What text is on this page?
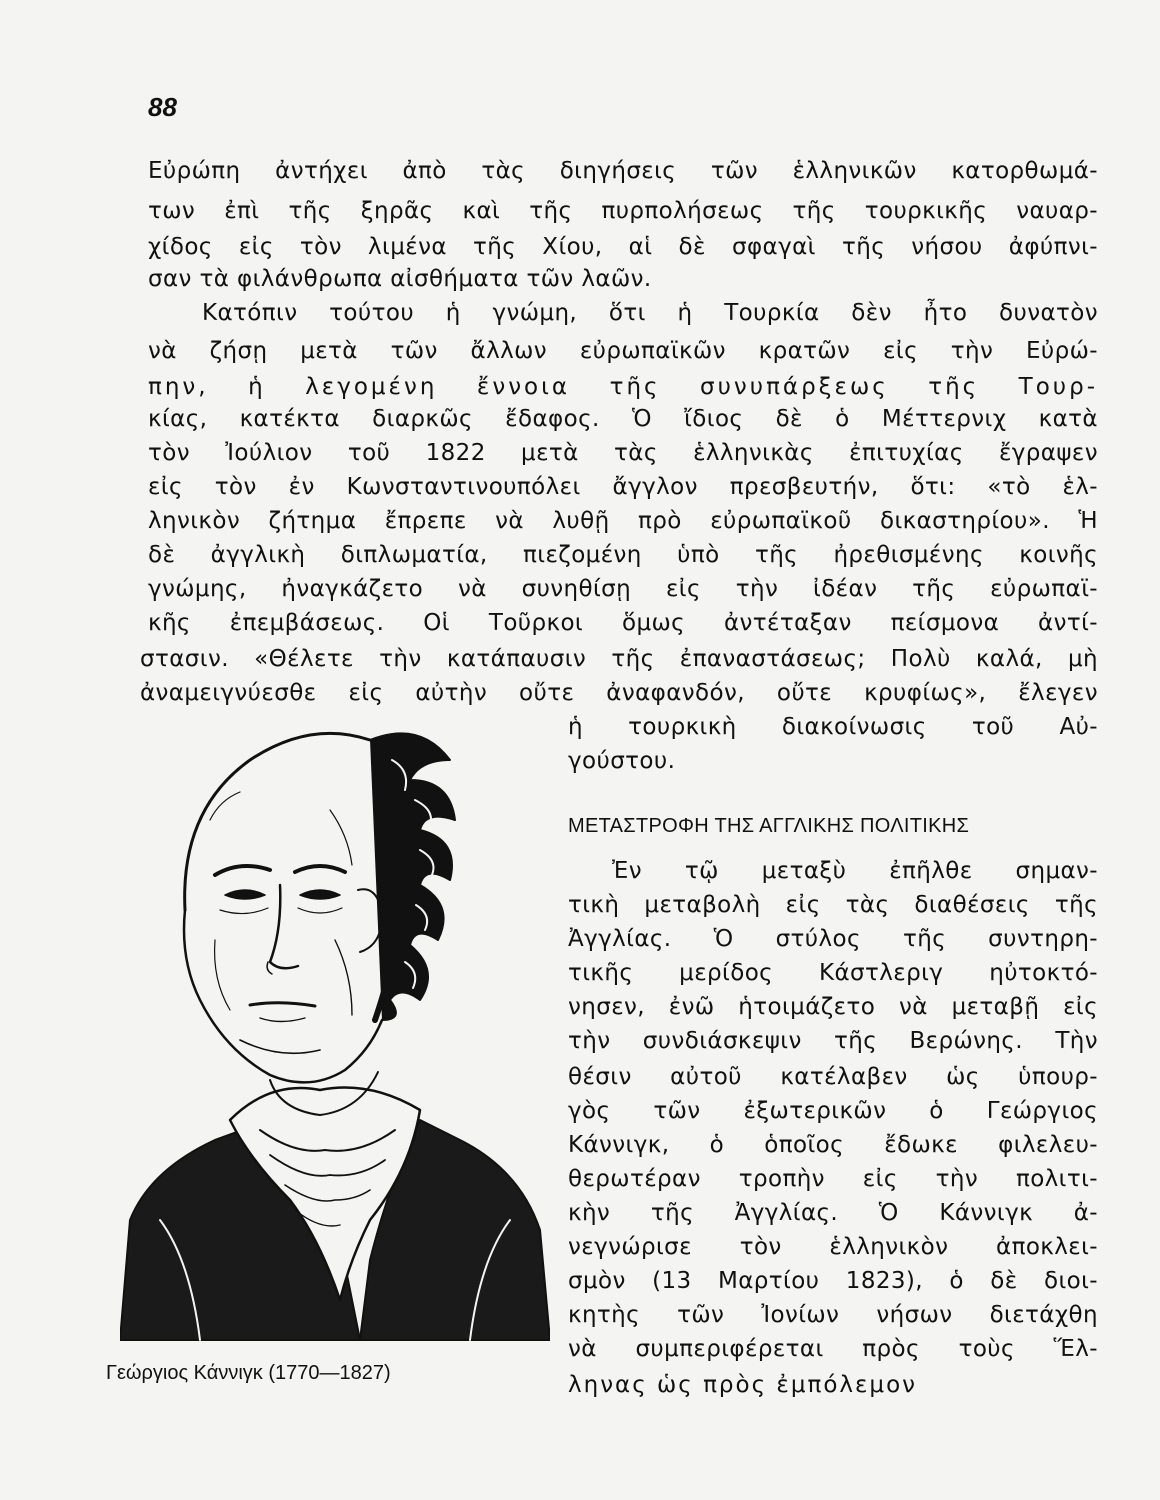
88
Εὐρώπη ἀντήχει ἀπὸ τὰς διηγήσεις τῶν ἑλληνικῶν κατορθωμά-
των ἐπὶ τῆς ξηρᾶς καὶ τῆς πυρπολήσεως τῆς τουρκικῆς ναυαρ-
χίδος εἰς τὸν λιμένα τῆς Χίου, αἱ δὲ σφαγαὶ τῆς νήσου ἀφύπνι-
σαν τὰ φιλάνθρωπα αἰσθήματα τῶν λαῶν.
Κατόπιν τούτου ἡ γνώμη, ὅτι ἡ Τουρκία δὲν ἦτο δυνατὸν
νὰ ζήσῃ μετὰ τῶν ἄλλων εὐρωπαϊκῶν κρατῶν εἰς τὴν Εὐρώ-
πην, ἡ λεγομένη ἔννοια τῆς συνυπάρξεως τῆς Τουρ-
κίας, κατέκτα διαρκῶς ἔδαφος. Ὁ ἴδιος δὲ ὁ Μέττερνιχ κατὰ
τὸν Ἰούλιον τοῦ 1822 μετὰ τὰς ἑλληνικὰς ἐπιτυχίας ἔγραψεν
εἰς τὸν ἐν Κωνσταντινουπόλει ἄγγλον πρεσβευτήν, ὅτι: «τὸ ἑλ-
ληνικὸν ζήτημα ἔπρεπε νὰ λυθῇ πρὸ εὐρωπαϊκοῦ δικαστηρίου». Ἡ
δὲ ἀγγλικὴ διπλωματία, πιεζομένη ὑπὸ τῆς ἠρεθισμένης κοινῆς
γνώμης, ἠναγκάζετο νὰ συνηθίσῃ εἰς τὴν ἰδέαν τῆς εὐρωπαϊ-
κῆς ἐπεμβάσεως. Οἱ Τοῦρκοι ὅμως ἀντέταξαν πείσμονα ἀντί-
στασιν. «Θέλετε τὴν κατάπαυσιν τῆς ἐπαναστάσεως; Πολὺ καλά, μὴ
ἀναμειγνύεσθε εἰς αὐτὴν οὔτε ἀναφανδόν, οὔτε κρυφίως», ἔλεγεν
ἡ τουρκικὴ διακοίνωσις τοῦ Αὐ-
γούστου.
ΜΕΤΑΣΤΡΟΦΗ ΤΗΣ ΑΓΓΛΙΚΗΣ ΠΟΛΙΤΙΚΗΣ
Ἐν τῷ μεταξὺ ἐπῆλθε σημαν-
τικὴ μεταβολὴ εἰς τὰς διαθέσεις τῆς
Ἀγγλίας. Ὁ στύλος τῆς συντηρη-
τικῆς μερίδος Κάστλεριγ ηὐτοκτό-
νησεν, ἐνῶ ἡτοιμάζετο νὰ μεταβῇ εἰς
τὴν συνδιάσκεψιν τῆς Βερώνης. Τὴν
θέσιν αὐτοῦ κατέλαβεν ὡς ὑπουρ-
γὸς τῶν ἐξωτερικῶν ὁ Γεώργιος
Κάννιγκ, ὁ ὁποῖος ἔδωκε φιλελευ-
θερωτέραν τροπὴν εἰς τὴν πολιτι-
κὴν τῆς Ἀγγλίας. Ὁ Κάννιγκ ἀ-
νεγνώρισε τὸν ἑλληνικὸν ἀποκλει-
σμὸν (13 Μαρτίου 1823), ὁ δὲ διοι-
κητὴς τῶν Ἰονίων νήσων διετάχθη
νὰ συμπεριφέρεται πρὸς τοὺς Ἕλ-
ληνας ὡς πρὸς ἐμπόλεμον
Γεώργιος Κάννιγκ (1770—1827)
